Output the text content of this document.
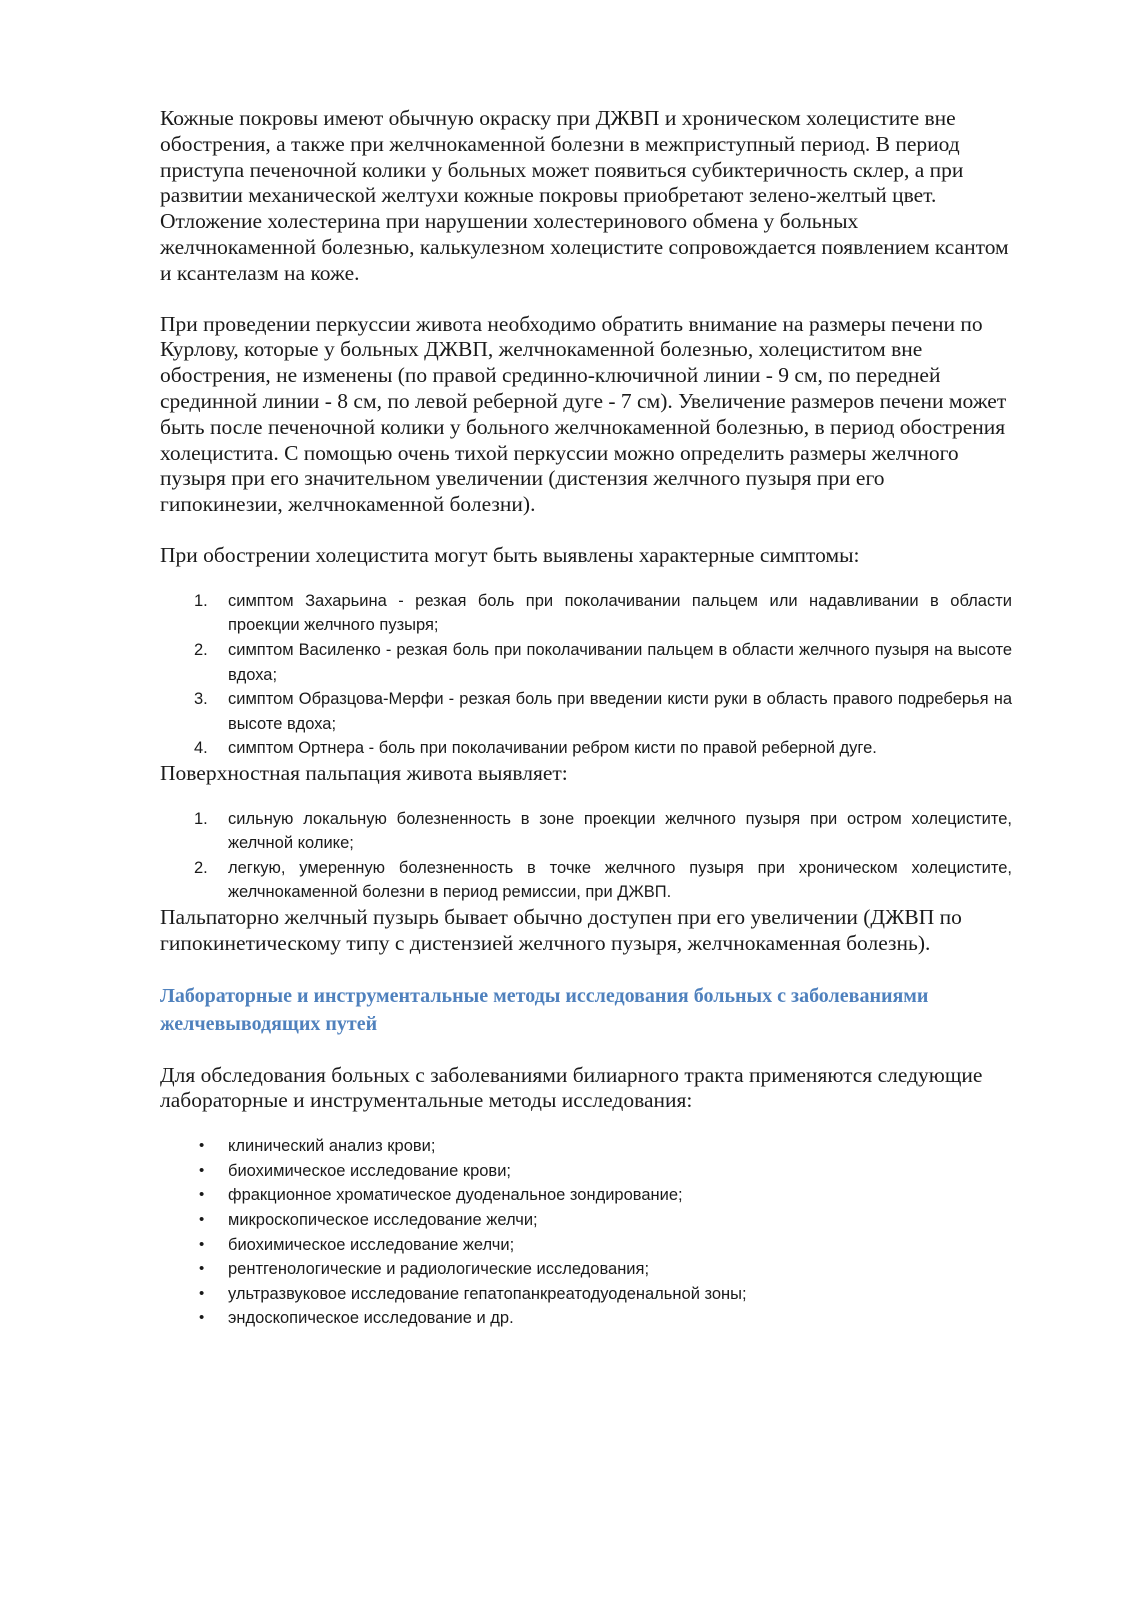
Кожные покровы имеют обычную окраску при ДЖВП и хроническом холецистите вне обострения, а также при желчнокаменной болезни в межприступный период. В период приступа печеночной колики у больных может появиться субиктеричность склер, а при развитии механической желтухи кожные покровы приобретают зелено-желтый цвет. Отложение холестерина при нарушении холестеринового обмена у больных желчнокаменной болезнью, калькулезном холецистите сопровождается появлением ксантом и ксантелазм на коже.

При проведении перкуссии живота необходимо обратить внимание на размеры печени по Курлову, которые у больных ДЖВП, желчнокаменной болезнью, холециститом вне обострения, не изменены (по правой срединно-ключичной линии - 9 см, по передней срединной линии - 8 см, по левой реберной дуге - 7 см). Увеличение размеров печени может быть после печеночной колики у больного желчнокаменной болезнью, в период обострения холецистита. С помощью очень тихой перкуссии можно определить размеры желчного пузыря при его значительном увеличении (дистензия желчного пузыря при его гипокинезии, желчнокаменной болезни).

При обострении холецистита могут быть выявлены характерные симптомы:

1. симптом Захарьина - резкая боль при поколачивании пальцем или надавливании в области проекции желчного пузыря;
2. симптом Василенко - резкая боль при поколачивании пальцем в области желчного пузыря на высоте вдоха;
3. симптом Образцова-Мерфи - резкая боль при введении кисти руки в область правого подреберья на высоте вдоха;
4. симптом Ортнера - боль при поколачивании ребром кисти по правой реберной дуге.

Поверхностная пальпация живота выявляет:

1. сильную локальную болезненность в зоне проекции желчного пузыря при остром холецистите, желчной колике;
2. легкую, умеренную болезненность в точке желчного пузыря при хроническом холецистите, желчнокаменной болезни в период ремиссии, при ДЖВП.

Пальпаторно желчный пузырь бывает обычно доступен при его увеличении (ДЖВП по гипокинетическому типу с дистензией желчного пузыря, желчнокаменная болезнь).

Лабораторные и инструментальные методы исследования больных с заболеваниями желчевыводящих путей

Для обследования больных с заболеваниями билиарного тракта применяются следующие лабораторные и инструментальные методы исследования:

• клинический анализ крови;
• биохимическое исследование крови;
• фракционное хроматическое дуоденальное зондирование;
• микроскопическое исследование желчи;
• биохимическое исследование желчи;
• рентгенологические и радиологические исследования;
• ультразвуковое исследование гепатопанкреатодуоденальной зоны;
• эндоскопическое исследование и др.
